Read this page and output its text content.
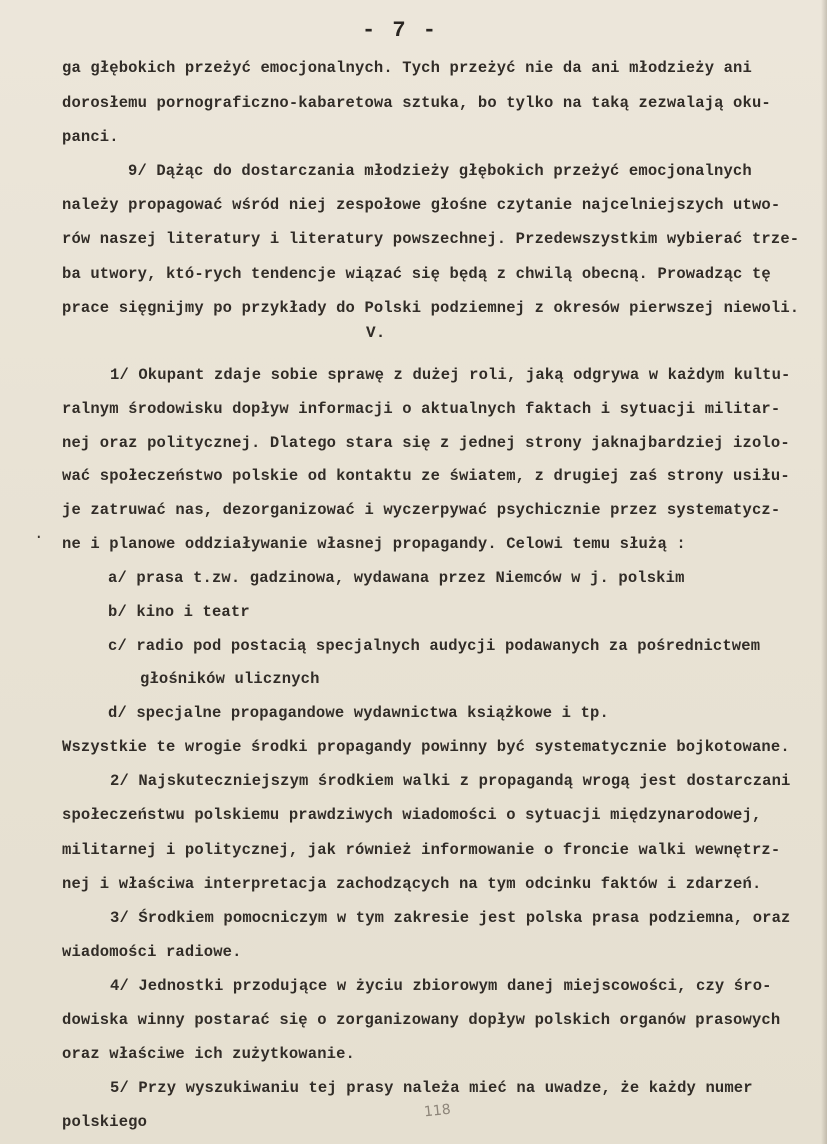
- 7 -
ga głębokich przeżyć emocjonalnych. Tych przeżyć nie da ani młodzieży ani
dorosłemu pornograficzno-kabaretowa sztuka, bo tylko na taką zezwalają oku-
panci.
9/ Dążąc do dostarczania młodzieży głębokich przeżyć emocjonalnych
należy propagować wśród niej zespołowe głośne czytanie najcelniejszych utwo-
rów naszej literatury i literatury powszechnej. Przedewszystkim wybierać trze-
ba utwory, któ-rych tendencje wiązać się będą z chwilą obecną. Prowadząc tę
prace sięgnijmy po przykłady do Polski podziemnej z okresów pierwszej niewoli.
V.
1/ Okupant zdaje sobie sprawę z dużej roli, jaką odgrywa w każdym kultu-
ralnym środowisku dopływ informacji o aktualnych faktach i sytuacji militar-
nej oraz politycznej. Dlatego stara się z jednej strony jaknajbardziej izolo-
wać społeczeństwo polskie od kontaktu ze światem, z drugiej zaś strony usiłu-
je zatruwać nas, dezorganizować i wyczerpywać psychicznie przez systematycz-
ne i planowe oddziaływanie własnej propagandy. Celowi temu służą :
a/ prasa t.zw. gadzinowa, wydawana przez Niemców w j. polskim
b/ kino i teatr
c/ radio pod postacią specjalnych audycji podawanych za pośrednictwem
głośników ulicznych
d/ specjalne propagandowe wydawnictwa książkowe i tp.
Wszystkie te wrogie środki propagandy powinny być systematycznie bojkotowane.
2/ Najskuteczniejszym środkiem walki z propagandą wrogą jest dostarczani
społeczeństwu polskiemu prawdziwych wiadomości o sytuacji międzynarodowej,
militarnej i politycznej, jak również informowanie o froncie walki wewnętrz-
nej i właściwa interpretacja zachodzących na tym odcinku faktów i zdarzeń.
3/ Środkiem pomocniczym w tym zakresie jest polska prasa podziemna, oraz
wiadomości radiowe.
4/ Jednostki przodujące w życiu zbiorowym danej miejscowości, czy śro-
dowiska winny postarać się o zorganizowany dopływ polskich organów prasowych
oraz właściwe ich zużytkowanie.
5/ Przy wyszukiwaniu tej prasy należa mieć na uwadze, że każdy numer
polskiego
·
118
